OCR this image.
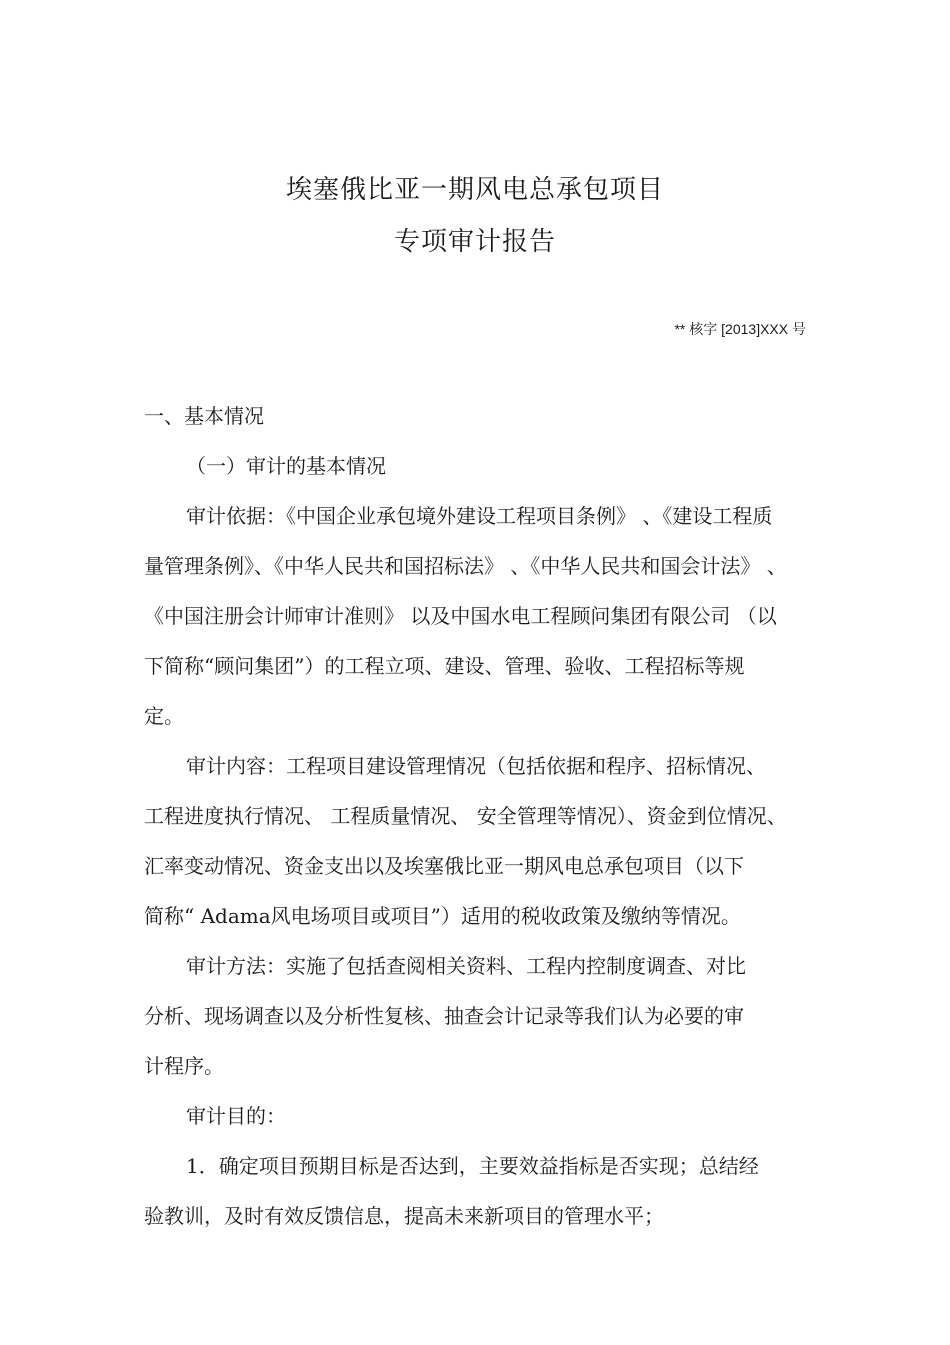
埃塞俄比亚一期风电总承包项目
专项审计报告
** 核字 [2013]XXX 号
一、基本情况
（一）审计的基本情况
审计依据：《中国企业承包境外建设工程项目条例》 、《建设工程质
量管理条例》、《中华人民共和国招标法》 、《中华人民共和国会计法》 、
《中国注册会计师审计准则》 以及中国水电工程顾问集团有限公司 （以
下简称“顾问集团”）的工程立项、建设、管理、验收、工程招标等规
定。
审计内容：工程项目建设管理情况（包括依据和程序、招标情况、
工程进度执行情况、 工程质量情况、 安全管理等情况）、资金到位情况、
汇率变动情况、资金支出以及埃塞俄比亚一期风电总承包项目（以下
简称“ Adama风电场项目或项目”）适用的税收政策及缴纳等情况。
审计方法：实施了包括查阅相关资料、工程内控制度调查、对比
分析、现场调查以及分析性复核、抽查会计记录等我们认为必要的审
计程序。
审计目的：
1．确定项目预期目标是否达到，主要效益指标是否实现；总结经
验教训，及时有效反馈信息，提高未来新项目的管理水平；
